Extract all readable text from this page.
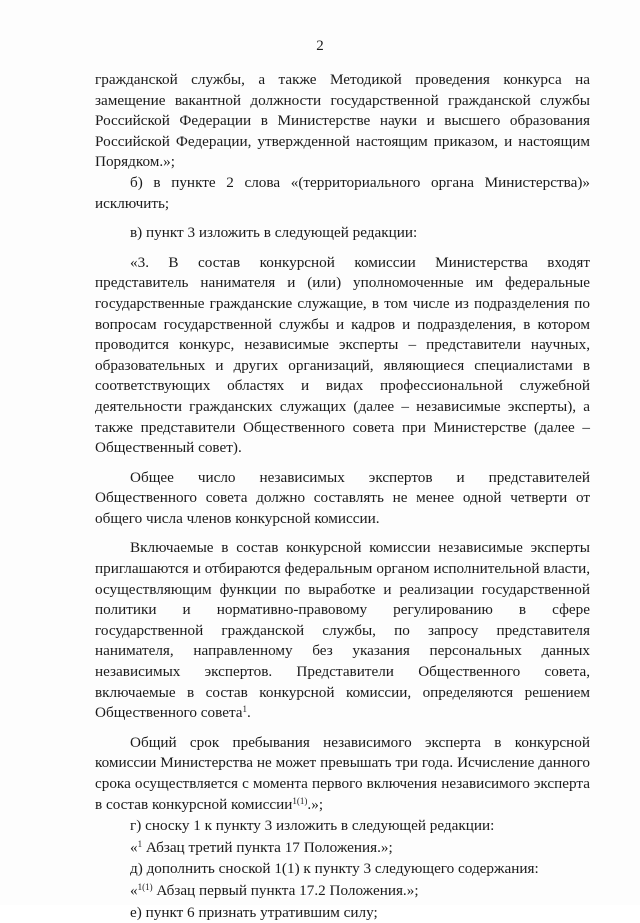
2

гражданской службы, а также Методикой проведения конкурса на замещение вакантной должности государственной гражданской службы Российской Федерации в Министерстве науки и высшего образования Российской Федерации, утвержденной настоящим приказом, и настоящим Порядком.»;

б) в пункте 2 слова «(территориального органа Министерства)» исключить;

в) пункт 3 изложить в следующей редакции:

«3. В состав конкурсной комиссии Министерства входят представитель нанимателя и (или) уполномоченные им федеральные государственные гражданские служащие, в том числе из подразделения по вопросам государственной службы и кадров и подразделения, в котором проводится конкурс, независимые эксперты – представители научных, образовательных и других организаций, являющиеся специалистами в соответствующих областях и видах профессиональной служебной деятельности гражданских служащих (далее – независимые эксперты), а также представители Общественного совета при Министерстве (далее – Общественный совет).

Общее число независимых экспертов и представителей Общественного совета должно составлять не менее одной четверти от общего числа членов конкурсной комиссии.

Включаемые в состав конкурсной комиссии независимые эксперты приглашаются и отбираются федеральным органом исполнительной власти, осуществляющим функции по выработке и реализации государственной политики и нормативно-правовому регулированию в сфере государственной гражданской службы, по запросу представителя нанимателя, направленному без указания персональных данных независимых экспертов. Представители Общественного совета, включаемые в состав конкурсной комиссии, определяются решением Общественного совета$^1$.

Общий срок пребывания независимого эксперта в конкурсной комиссии Министерства не может превышать три года. Исчисление данного срока осуществляется с момента первого включения независимого эксперта в состав конкурсной комиссии$^{1(1)}$.»;

г) сноску 1 к пункту 3 изложить в следующей редакции:

«$^1$ Абзац третий пункта 17 Положения.»;

д) дополнить сноской 1(1) к пункту 3 следующего содержания:

«$^{1(1)}$ Абзац первый пункта 17.2 Положения.»;

е) пункт 6 признать утратившим силу;
